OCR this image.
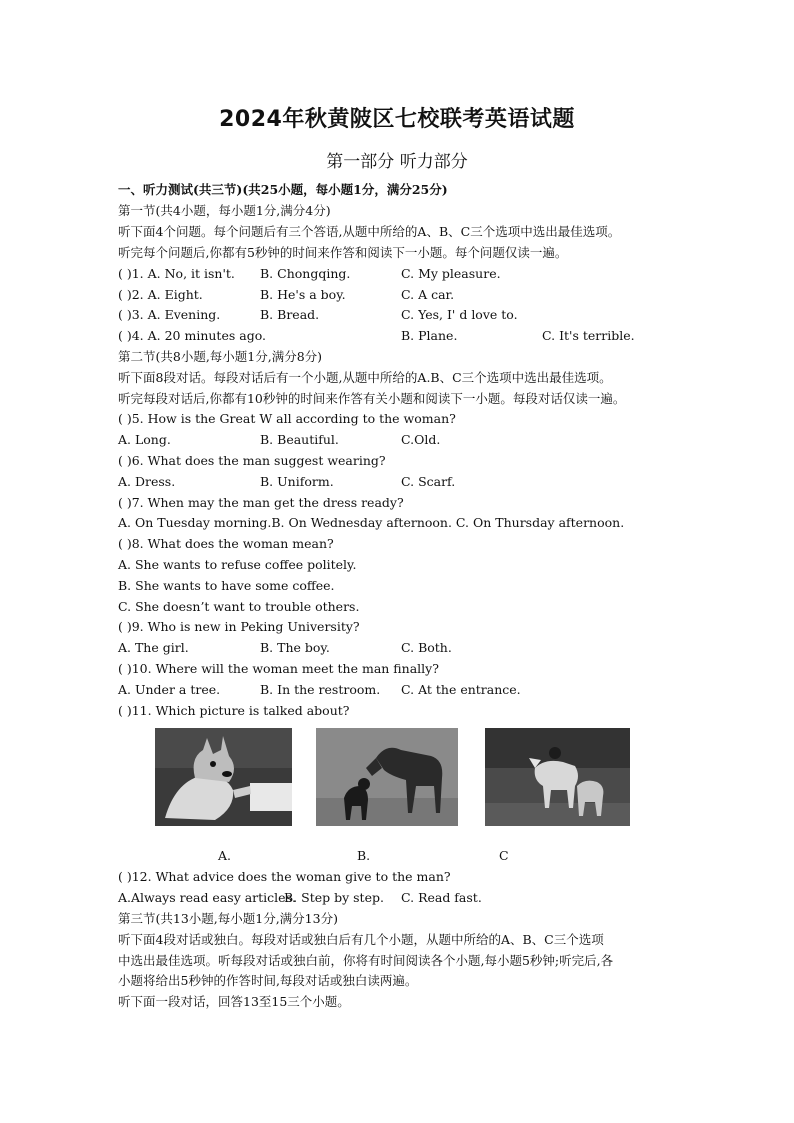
2024年秋黄陂区七校联考英语试题
第一部分 听力部分
一、听力测试(共三节)(共25小题，每小题1分，满分25分)
第一节(共4小题，每小题1分,满分4分)
听下面4个问题。每个问题后有三个答语,从题中所给的A、B、C三个选项中选出最佳选项。
听完每个问题后,你都有5秒钟的时间来作答和阅读下一小题。每个问题仅读一遍。
( )1. A. No, it isn't. B. Chongqing.	C. My pleasure.
( )2. A. Eight.	B. He's a boy.	C. A car.
( )3. A. Evening.	B. Bread.	C. Yes, I' d love to.
( )4. A. 20 minutes ago.	B. Plane.	C. It's terrible.
第二节(共8小题,每小题1分,满分8分)
听下面8段对话。每段对话后有一个小题,从题中所给的A.B、C三个选项中选出最佳选项。
听完每段对话后,你都有10秒钟的时间来作答有关小题和阅读下一小题。每段对话仅读一遍。
( )5. How is the Great W all according to the woman?
A. Long.	B. Beautiful.	C.Old.
( )6. What does the man suggest wearing?
A. Dress.	B. Uniform.	C. Scarf.
( )7. When may the man get the dress ready?
A. On Tuesday morning.B. On Wednesday afternoon. C. On Thursday afternoon.
( )8. What does the woman mean?
A. She wants to refuse coffee politely.
B. She wants to have some coffee.
C. She doesn’t want to trouble others.
( )9. Who is new in Peking University?
A. The girl.	B. The boy.	C. Both.
( )10. Where will the woman meet the man finally?
A. Under a tree.	B. In the restroom. C. At the entrance.
( )11. Which picture is talked about?
A.	B.	C
( )12. What advice does the woman give to the man?
A.Always read easy articles.
B. Step by step. C. Read fast.
第三节(共13小题,每小题1分,满分13分)
听下面4段对话或独白。每段对话或独白后有几个小题，从题中所给的A、B、C三个选项
中选出最佳选项。听每段对话或独白前，你将有时间阅读各个小题,每小题5秒钟;听完后,各
小题将给出5秒钟的作答时间,每段对话或独白读两遍。
听下面一段对话，回答13至15三个小题。
